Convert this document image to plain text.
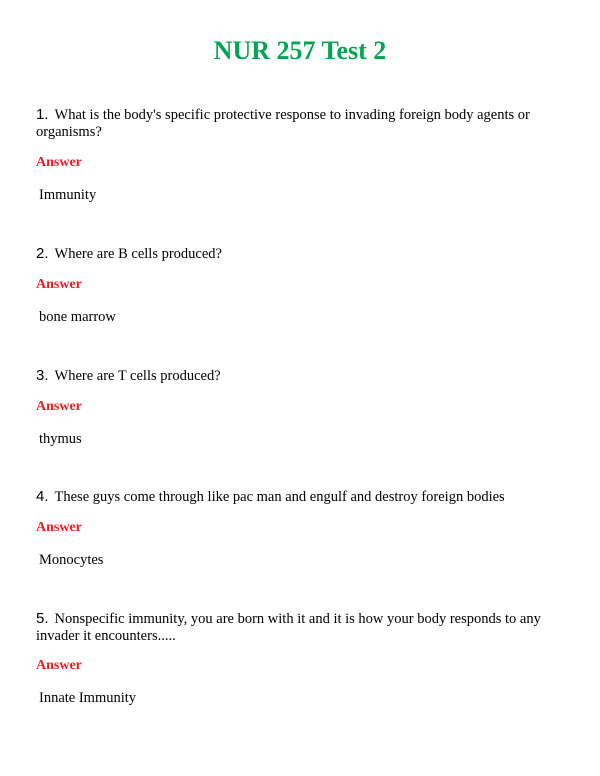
NUR 257 Test 2

1. What is the body's specific protective response to invading foreign body agents or organisms?

Answer

Immunity

2. Where are B cells produced?

Answer

bone marrow

3. Where are T cells produced?

Answer

thymus

4. These guys come through like pac man and engulf and destroy foreign bodies

Answer

Monocytes

5. Nonspecific immunity, you are born with it and it is how your body responds to any invader it encounters.....

Answer

Innate Immunity
